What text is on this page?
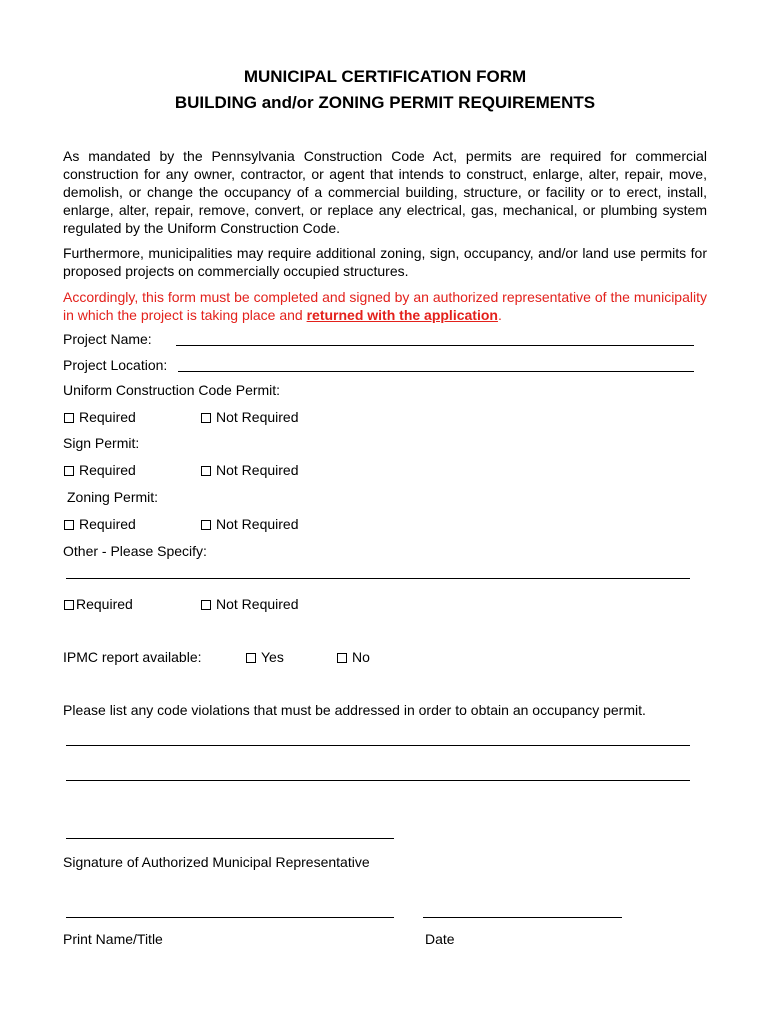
MUNICIPAL CERTIFICATION FORM
BUILDING and/or ZONING PERMIT REQUIREMENTS
As mandated by the Pennsylvania Construction Code Act, permits are required for commercial construction for any owner, contractor, or agent that intends to construct, enlarge, alter, repair, move, demolish, or change the occupancy of a commercial building, structure, or facility or to erect, install, enlarge, alter, repair, remove, convert, or replace any electrical, gas, mechanical, or plumbing system regulated by the Uniform Construction Code.
Furthermore, municipalities may require additional zoning, sign, occupancy, and/or land use permits for proposed projects on commercially occupied structures.
Accordingly, this form must be completed and signed by an authorized representative of the municipality in which the project is taking place and returned with the application.
Project Name:
Project Location:
Uniform Construction Code Permit:
Required	Not Required
Sign Permit:
Required	Not Required
Zoning Permit:
Required	Not Required
Other - Please Specify:
Required	Not Required
IPMC report available:	Yes	No
Please list any code violations that must be addressed in order to obtain an occupancy permit.
Signature of Authorized Municipal Representative
Print Name/Title	Date
